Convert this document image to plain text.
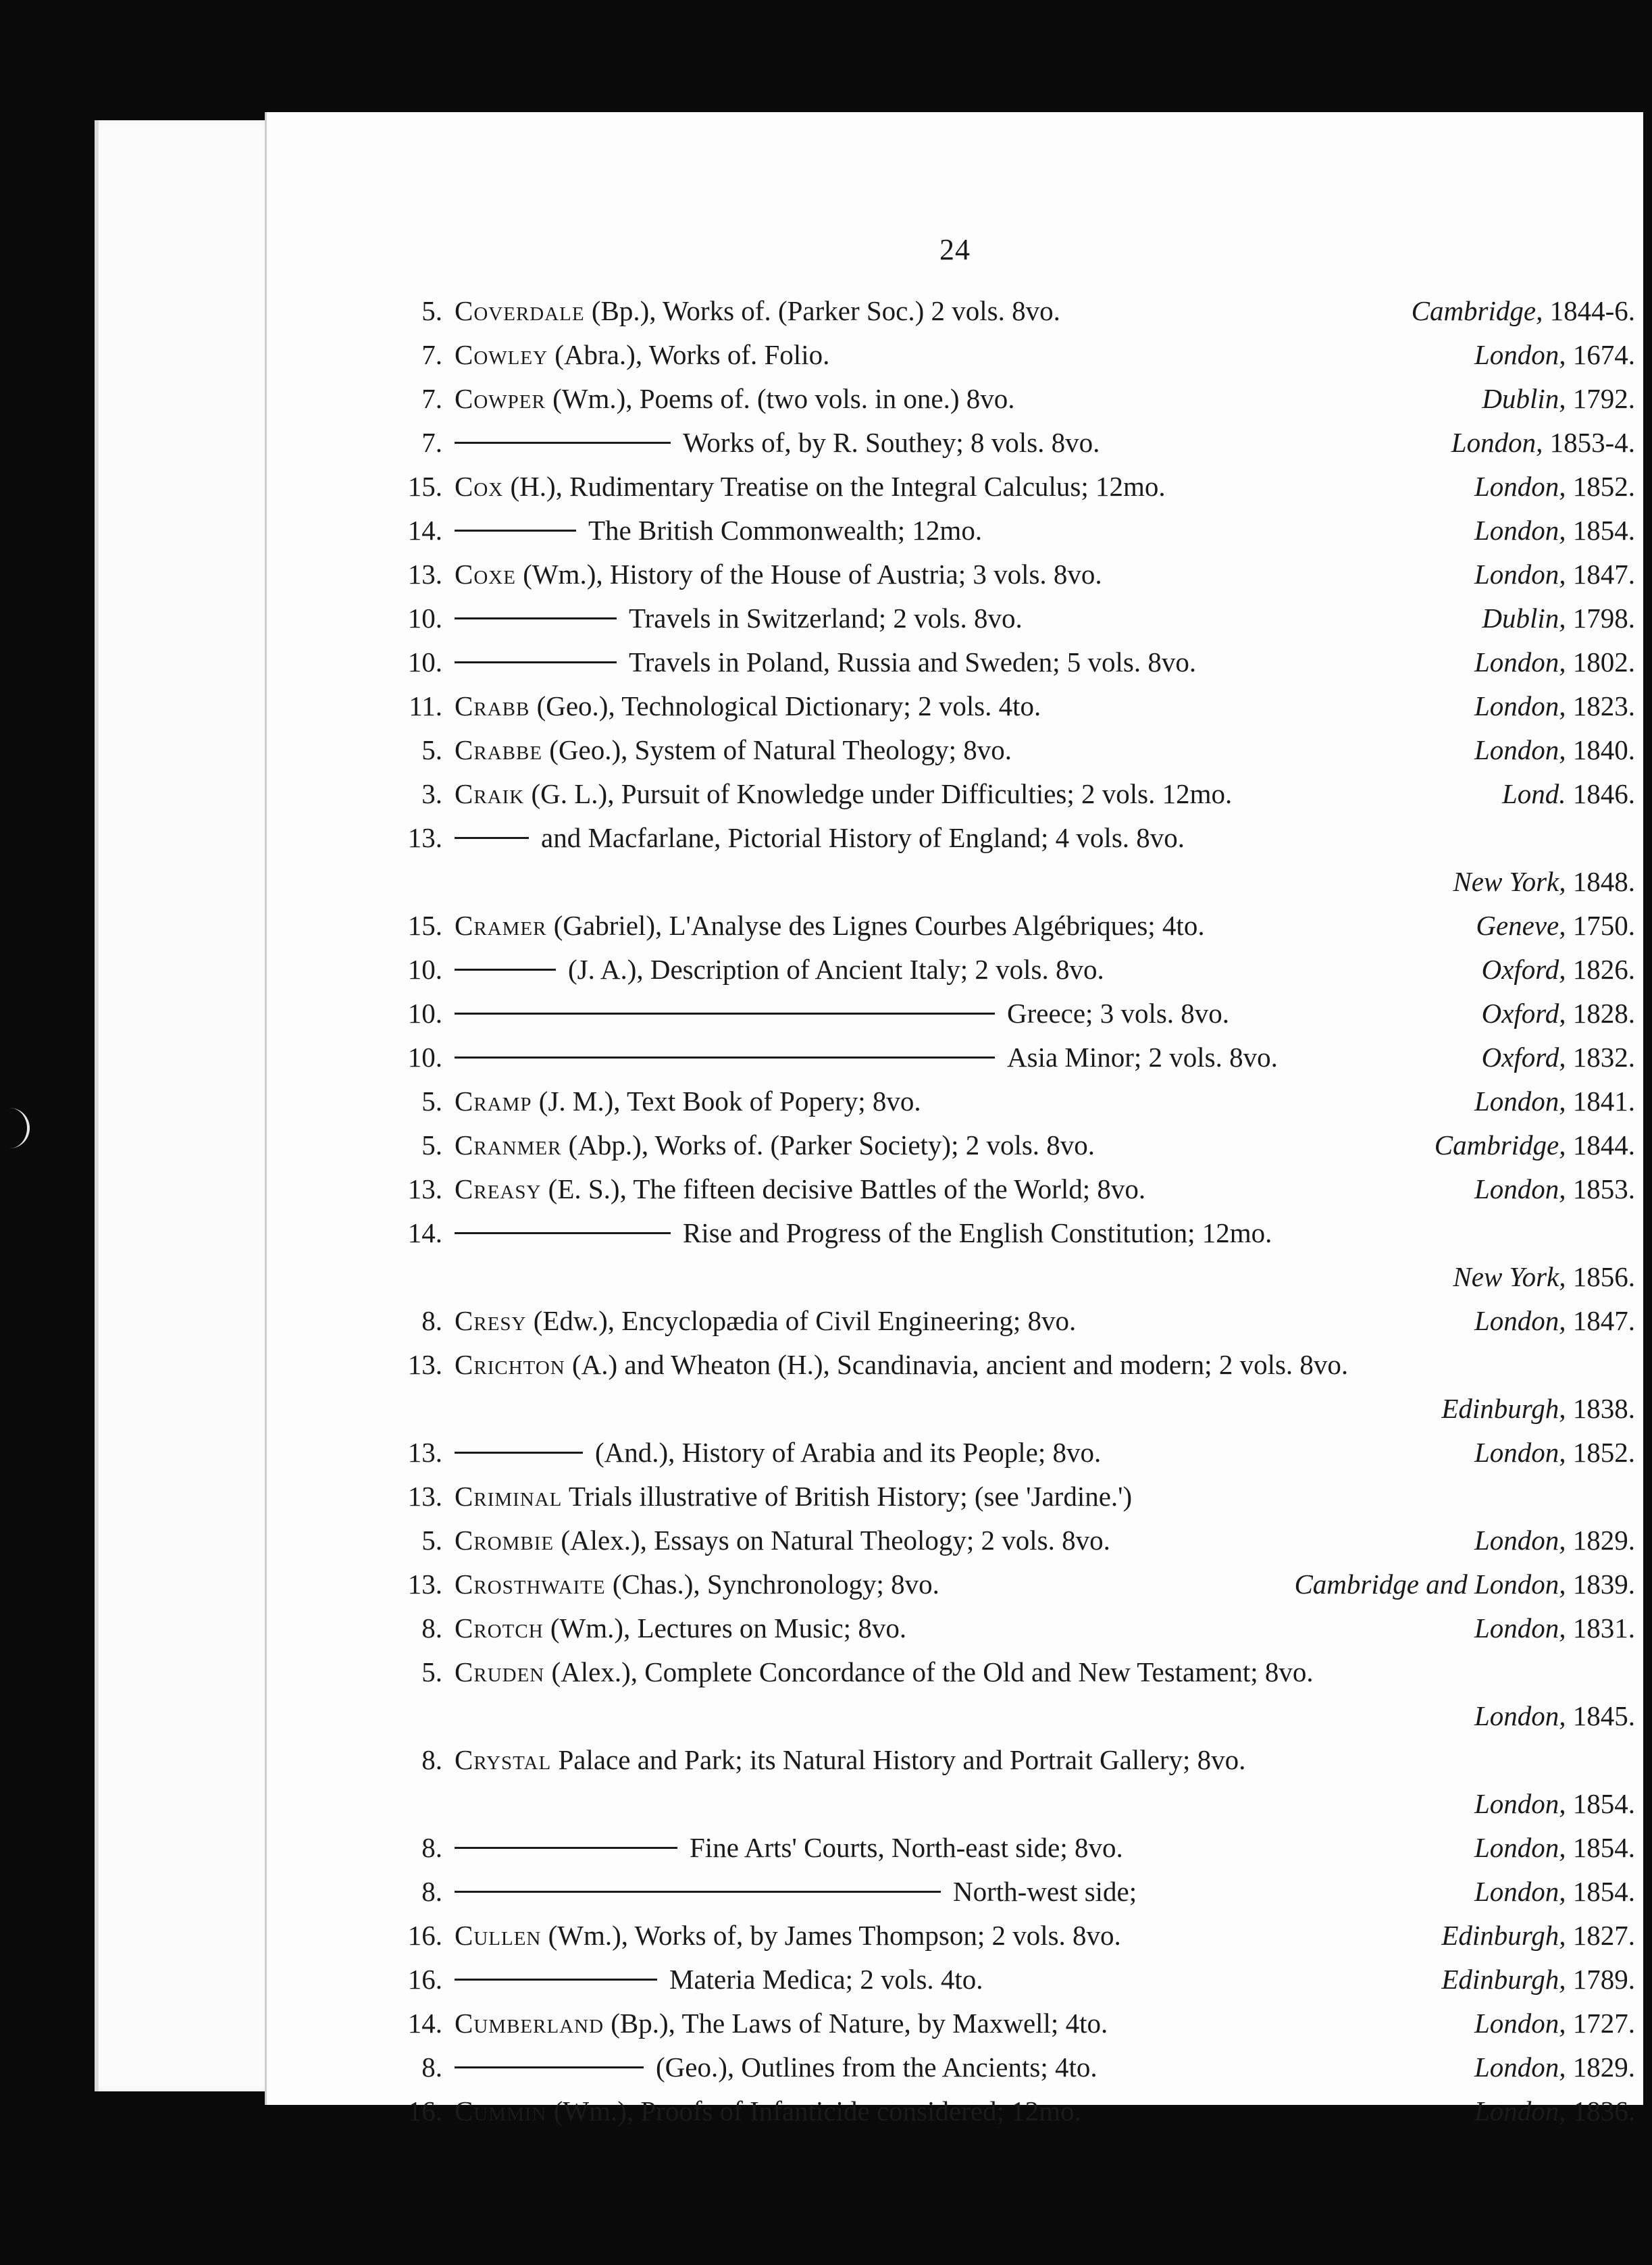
24
5. Coverdale (Bp.), Works of. (Parker Soc.) 2 vols. 8vo.	Cambridge, 1844-6.
7. Cowley (Abra.), Works of. Folio.	London, 1674.
7. Cowper (Wm.), Poems of. (two vols. in one.) 8vo.	Dublin, 1792.
7.	Works of, by R. Southey; 8 vols. 8vo.	London, 1853-4.
15. Cox (H.), Rudimentary Treatise on the Integral Calculus; 12mo.	London, 1852.
14.	The British Commonwealth; 12mo.	London, 1854.
13. Coxe (Wm.), History of the House of Austria; 3 vols. 8vo.	London, 1847.
10.	Travels in Switzerland; 2 vols. 8vo.	Dublin, 1798.
10.	Travels in Poland, Russia and Sweden; 5 vols. 8vo.	London, 1802.
11. Crabb (Geo.), Technological Dictionary; 2 vols. 4to.	London, 1823.
5. Crabbe (Geo.), System of Natural Theology; 8vo.	London, 1840.
3. Craik (G. L.), Pursuit of Knowledge under Difficulties; 2 vols. 12mo.	Lond. 1846.
13.	and Macfarlane, Pictorial History of England; 4 vols. 8vo.
New York, 1848.
15. Cramer (Gabriel), L'Analyse des Lignes Courbes Algébriques; 4to.	Geneve, 1750.
10.	(J. A.), Description of Ancient Italy; 2 vols. 8vo.	Oxford, 1826.
10.	Greece; 3 vols. 8vo.	Oxford, 1828.
10.	Asia Minor; 2 vols. 8vo.	Oxford, 1832.
5. Cramp (J. M.), Text Book of Popery; 8vo.	London, 1841.
5. Cranmer (Abp.), Works of. (Parker Society); 2 vols. 8vo.	Cambridge, 1844.
13. Creasy (E. S.), The fifteen decisive Battles of the World; 8vo.	London, 1853.
14.	Rise and Progress of the English Constitution; 12mo.
New York, 1856.
8. Cresy (Edw.), Encyclopædia of Civil Engineering; 8vo.	London, 1847.
13. Crichton (A.) and Wheaton (H.), Scandinavia, ancient and modern; 2 vols. 8vo.
Edinburgh, 1838.
13.	(And.), History of Arabia and its People; 8vo.	London, 1852.
13. Criminal Trials illustrative of British History; (see 'Jardine.')
5. Crombie (Alex.), Essays on Natural Theology; 2 vols. 8vo.	London, 1829.
13. Crosthwaite (Chas.), Synchronology; 8vo.	Cambridge and London, 1839.
8. Crotch (Wm.), Lectures on Music; 8vo.	London, 1831.
5. Cruden (Alex.), Complete Concordance of the Old and New Testament; 8vo.
London, 1845.
8. Crystal Palace and Park; its Natural History and Portrait Gallery; 8vo.
London, 1854.
8.	Fine Arts' Courts, North-east side; 8vo.	London, 1854.
8.	North-west side;	London, 1854.
16. Cullen (Wm.), Works of, by James Thompson; 2 vols. 8vo.	Edinburgh, 1827.
16.	Materia Medica; 2 vols. 4to.	Edinburgh, 1789.
14. Cumberland (Bp.), The Laws of Nature, by Maxwell; 4to.	London, 1727.
8.	(Geo.), Outlines from the Ancients; 4to.	London, 1829.
16. Cummin (Wm.), Proofs of Infanticide considered; 12mo.	London, 1836.
